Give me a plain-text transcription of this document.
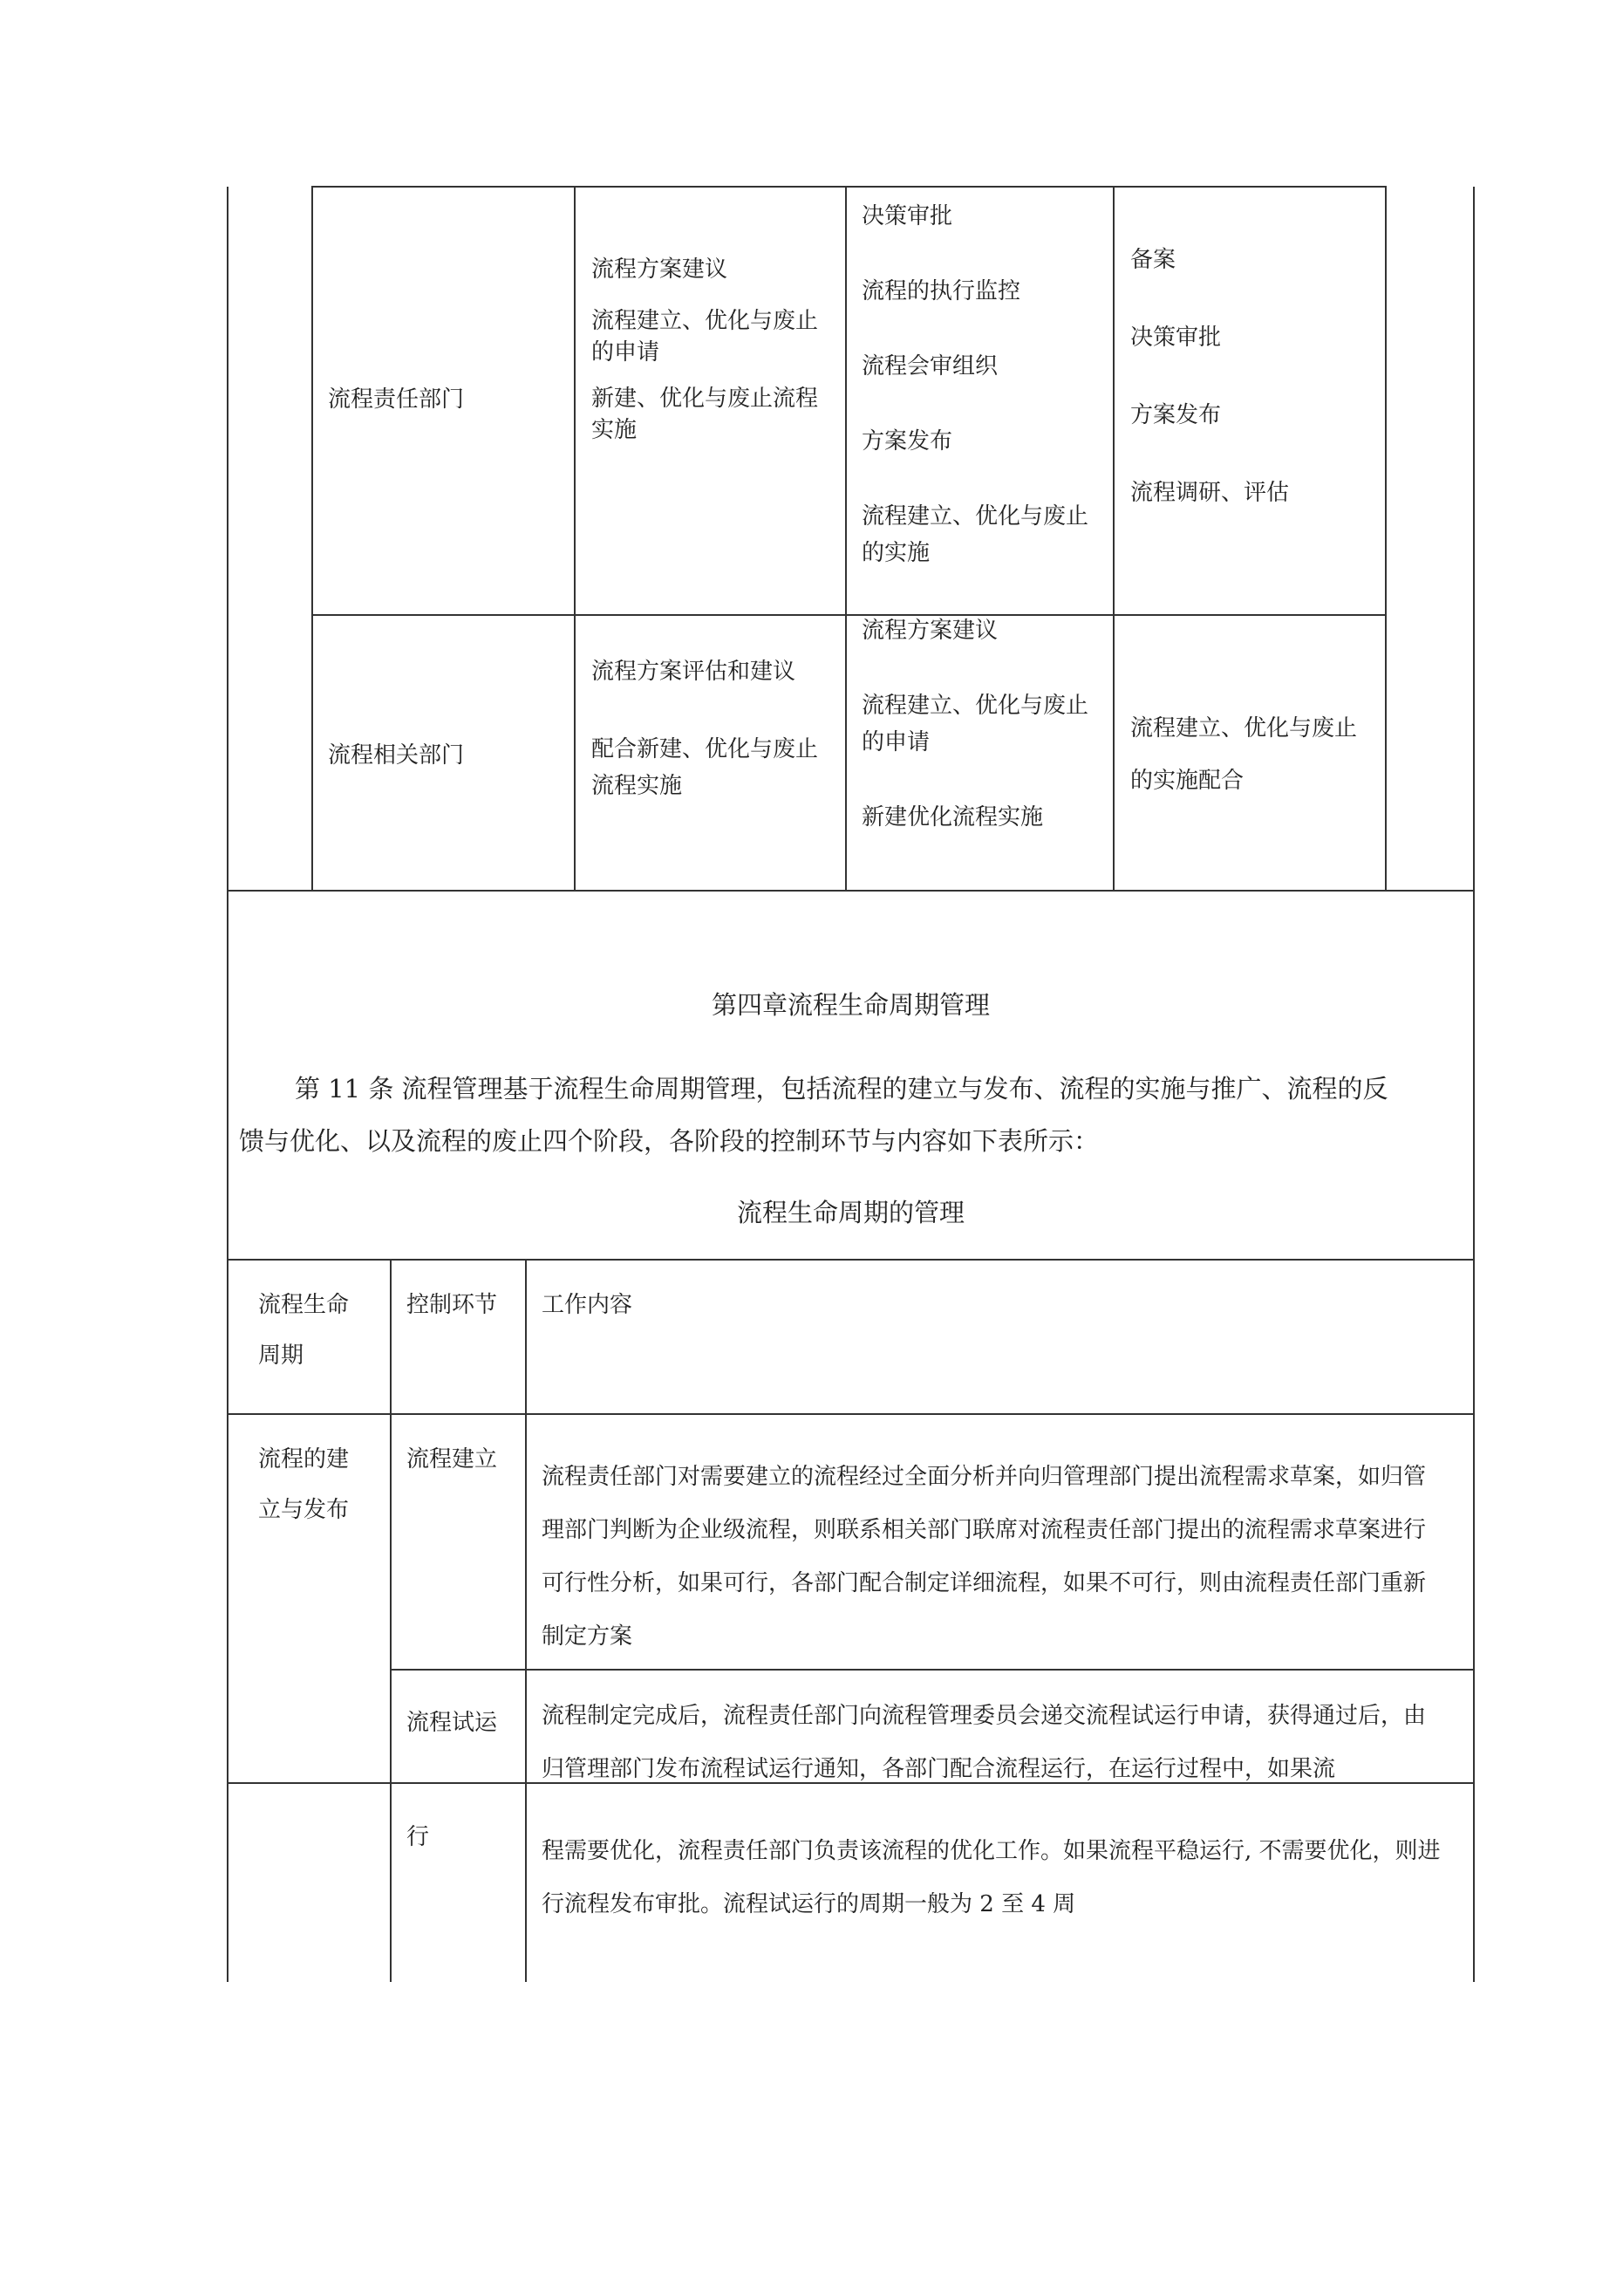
流程责任部门

流程方案建议

流程建立、优化与废止

的申请

新建、优化与废止流程

实施

决策审批

流程的执行监控

流程会审组织

方案发布

流程建立、优化与废止

的实施

备案

决策审批

方案发布

流程调研、评估

流程相关部门

流程方案评估和建议

配合新建、优化与废止

流程实施

流程方案建议

流程建立、优化与废止

的申请

新建优化流程实施

流程建立、优化与废止

的实施配合

第四章流程生命周期管理

第 11 条 流程管理基于流程生命周期管理，包括流程的建立与发布、流程的实施与推广、流程的反

馈与优化、以及流程的废止四个阶段，各阶段的控制环节与内容如下表所示：

流程生命周期的管理

流程生命

周期

控制环节 工作内容

流程的建

立与发布

流程建立

流程责任部门对需要建立的流程经过全面分析并向归管理部门提出流程需求草案，如归管

理部门判断为企业级流程，则联系相关部门联席对流程责任部门提出的流程需求草案进行

可行性分析，如果可行，各部门配合制定详细流程，如果不可行，则由流程责任部门重新

制定方案

流程试运 流程制定完成后，流程责任部门向流程管理委员会递交流程试运行申请，获得通过后，由

归管理部门发布流程试运行通知，各部门配合流程运行，在运行过程中，如果流

行

程需要优化，流程责任部门负责该流程的优化工作。如果流程平稳运行, 不需要优化，则进

行流程发布审批。流程试运行的周期一般为 2 至 4 周
